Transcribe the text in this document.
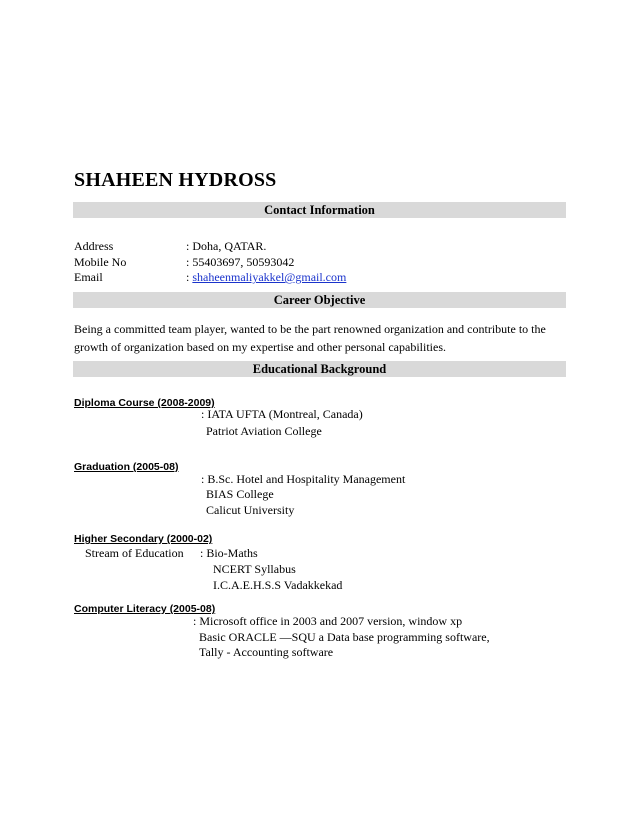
SHAHEEN HYDROSS
Contact Information
Address	: Doha, QATAR.
Mobile No	: 55403697, 50593042
Email	: shaheenmaliyakkel@gmail.com
Career Objective
Being a committed team player, wanted to be the part renowned organization and contribute to the growth of organization based on my expertise and other personal capabilities.
Educational Background
Diploma Course (2008-2009)
: IATA UFTA (Montreal, Canada)
Patriot Aviation College
Graduation (2005-08)
: B.Sc. Hotel and Hospitality Management
BIAS College
Calicut University
Higher Secondary (2000-02)
Stream of Education : Bio-Maths
NCERT Syllabus
I.C.A.E.H.S.S Vadakkekad
Computer Literacy (2005-08)
: Microsoft office in 2003 and 2007 version, window xp
Basic ORACLE —SQU a Data base programming software,
Tally - Accounting software
